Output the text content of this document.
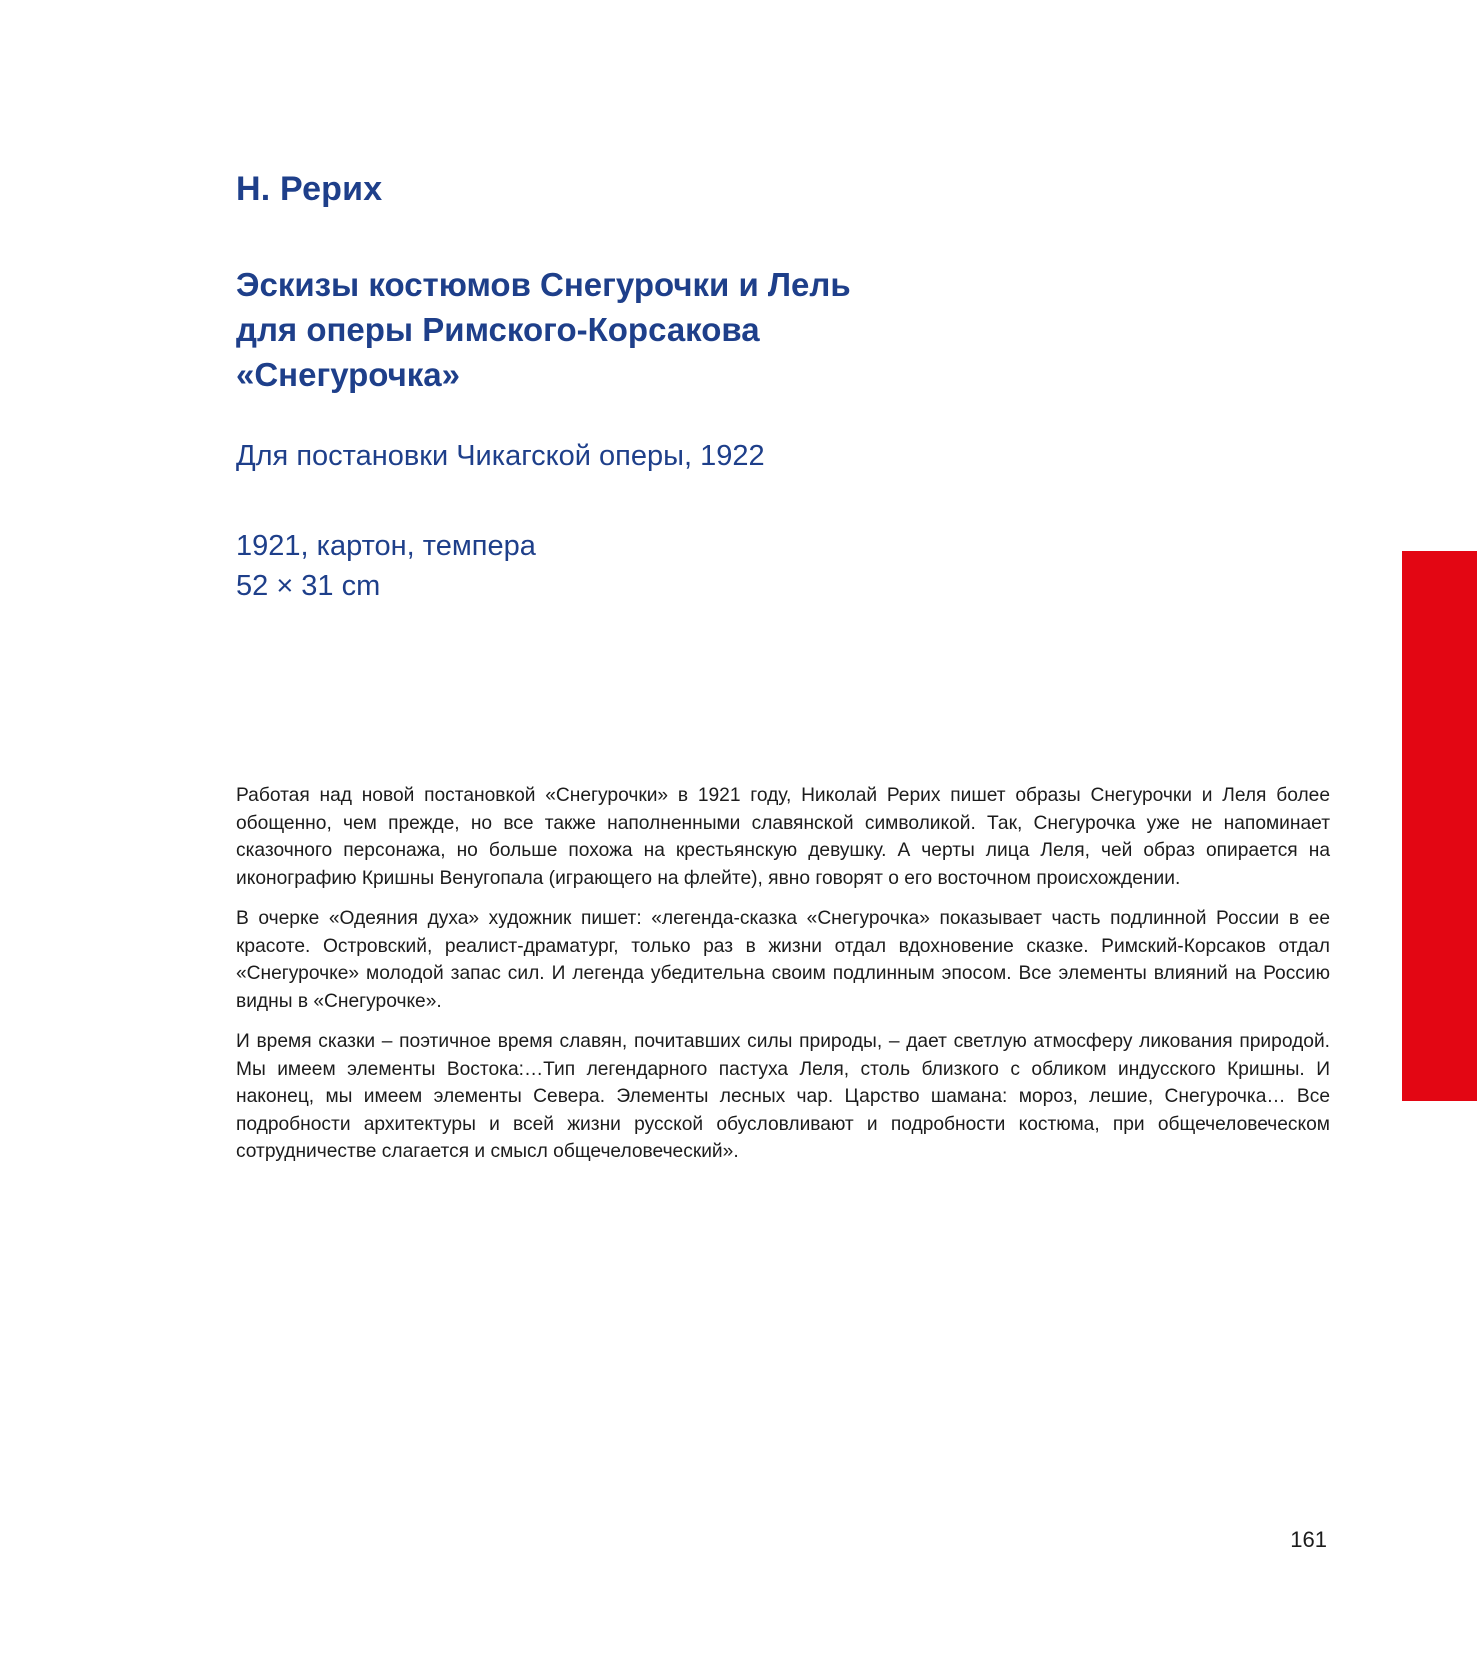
Н. Рерих
Эскизы костюмов Снегурочки и Лель
для оперы Римского-Корсакова
«Снегурочка»

Для постановки Чикагской оперы, 1922

1921, картон, темпера
52 × 31 cm

Работая над новой постановкой «Снегурочки» в 1921 году, Николай Рерих пишет образы Снегурочки и Леля более обощенно, чем прежде, но все также наполненными славянской символикой. Так, Снегурочка уже не напоминает сказочного персонажа, но больше похожа на крестьянскую девушку. А черты лица Леля, чей образ опирается на иконографию Кришны Венугопала (играющего на флейте), явно говорят о его восточном происхождении.

В очерке «Одеяния духа» художник пишет: «легенда-сказка «Снегурочка» показывает часть подлинной России в ее красоте. Островский, реалист-драматург, только раз в жизни отдал вдохновение сказке. Римский-Корсаков отдал «Снегурочке» молодой запас сил. И легенда убедительна своим подлинным эпосом. Все элементы влияний на Россию видны в «Снегурочке».

И время сказки – поэтичное время славян, почитавших силы природы, – дает светлую атмосферу ликования природой. Мы имеем элементы Востока:…Тип легендарного пастуха Леля, столь близкого с обликом индусского Кришны. И наконец, мы имеем элементы Севера. Элементы лесных чар. Царство шамана: мороз, лешие, Снегурочка… Все подробности архитектуры и всей жизни русской обусловливают и подробности костюма, при общечеловеческом сотрудничестве слагается и смысл общечеловеческий».

161
